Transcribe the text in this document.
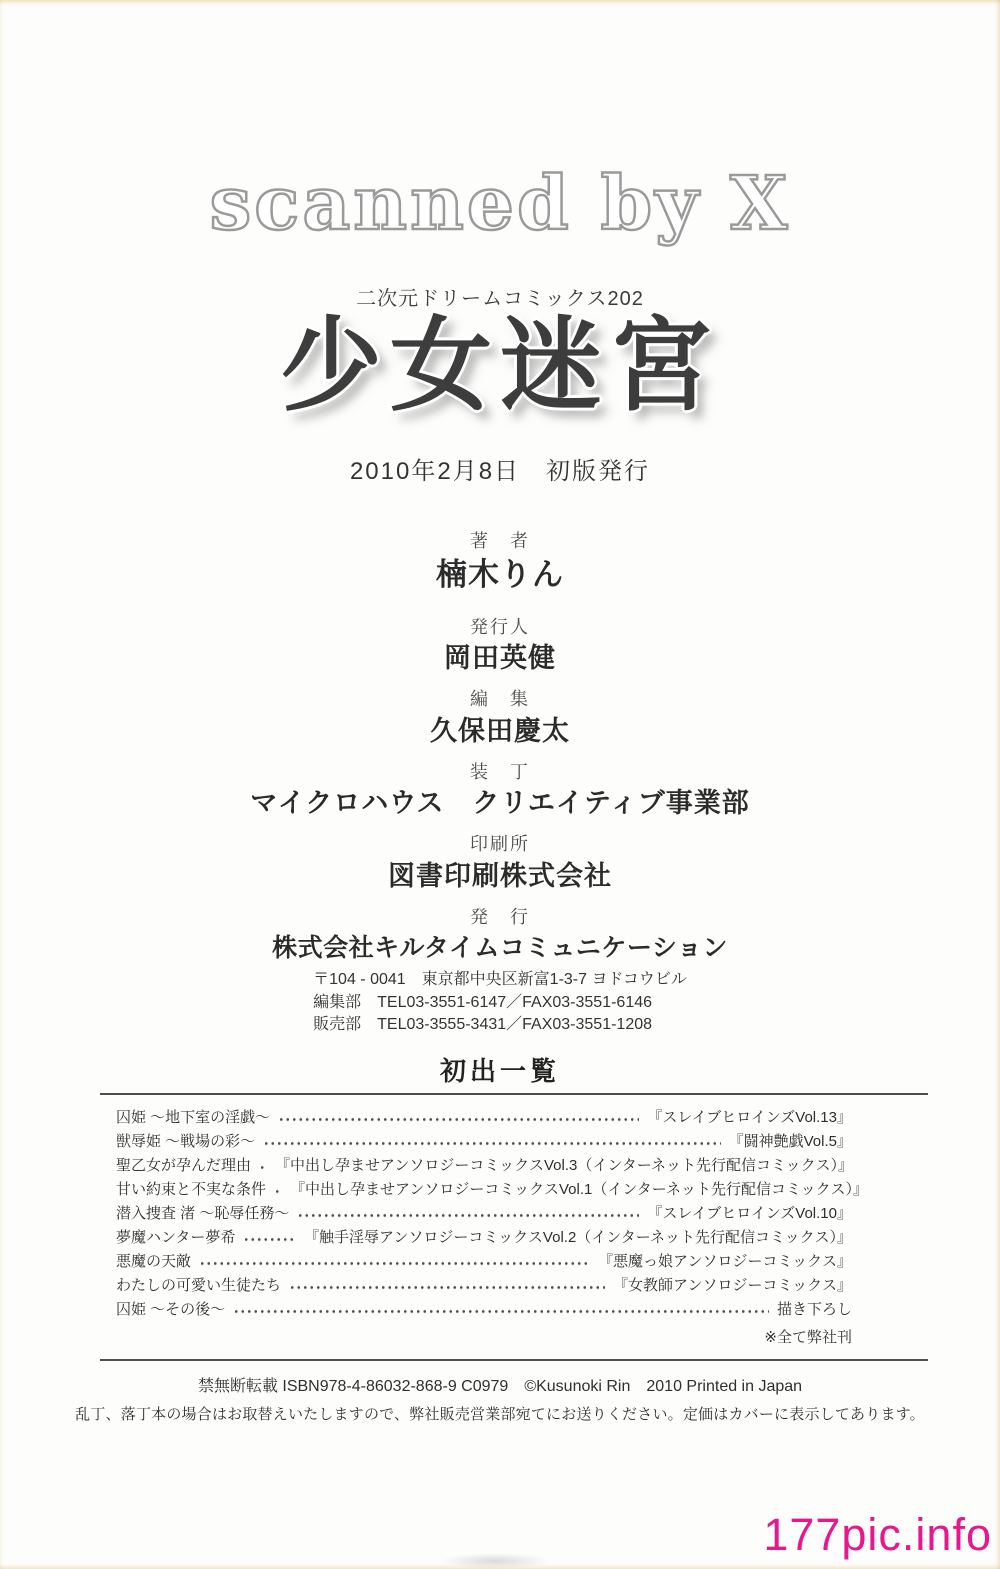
scanned by X
二次元ドリームコミックス202
少女迷宮
2010年2月8日　初版発行
著　者
楠木りん
発行人
岡田英健
編　集
久保田慶太
装　丁
マイクロハウス　クリエイティブ事業部
印刷所
図書印刷株式会社
発　行
株式会社キルタイムコミュニケーション
〒104 - 0041　東京都中央区新富1-3-7 ヨドコウビル
編集部　TEL03-3551-6147／FAX03-3551-6146
販売部　TEL03-3555-3431／FAX03-3551-1208
初出一覧
囚姫 ～地下室の淫戯～	『スレイブヒロインズVol.13』
獣辱姫 ～戦場の彩～	『闘神艶戯Vol.5』
聖乙女が孕んだ理由 『中出し孕ませアンソロジーコミックスVol.3（インターネット先行配信コミックス）』
甘い約束と不実な条件 『中出し孕ませアンソロジーコミックスVol.1（インターネット先行配信コミックス）』
潜入捜査 渚 ～恥辱任務～	『スレイブヒロインズVol.10』
夢魔ハンター夢希	『触手淫辱アンソロジーコミックスVol.2（インターネット先行配信コミックス）』
悪魔の天敵	『悪魔っ娘アンソロジーコミックス』
わたしの可愛い生徒たち	『女教師アンソロジーコミックス』
囚姫 ～その後～	描き下ろし
※全て弊社刊
禁無断転載 ISBN978-4-86032-868-9 C0979　©Kusunoki Rin　2010 Printed in Japan
乱丁、落丁本の場合はお取替えいたしますので、弊社販売営業部宛てにお送りください。定価はカバーに表示してあります。
177pic.info
